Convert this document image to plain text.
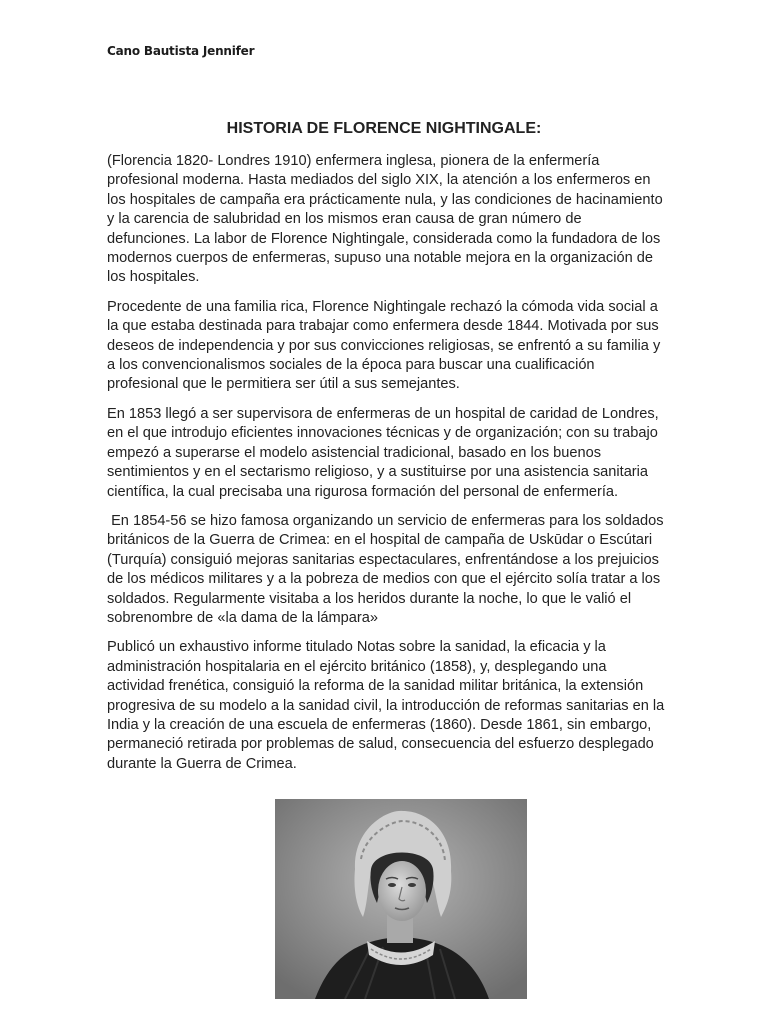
Cano Bautista Jennifer
HISTORIA DE FLORENCE NIGHTINGALE:

(Florencia 1820- Londres 1910) enfermera inglesa, pionera de la enfermería profesional moderna. Hasta mediados del siglo XIX, la atención a los enfermeros en los hospitales de campaña era prácticamente nula, y las condiciones de hacinamiento y la carencia de salubridad en los mismos eran causa de gran número de defunciones. La labor de Florence Nightingale, considerada como la fundadora de los modernos cuerpos de enfermeras, supuso una notable mejora en la organización de los hospitales.

Procedente de una familia rica, Florence Nightingale rechazó la cómoda vida social a la que estaba destinada para trabajar como enfermera desde 1844. Motivada por sus deseos de independencia y por sus convicciones religiosas, se enfrentó a su familia y a los convencionalismos sociales de la época para buscar una cualificación profesional que le permitiera ser útil a sus semejantes.

En 1853 llegó a ser supervisora de enfermeras de un hospital de caridad de Londres, en el que introdujo eficientes innovaciones técnicas y de organización; con su trabajo empezó a superarse el modelo asistencial tradicional, basado en los buenos sentimientos y en el sectarismo religioso, y a sustituirse por una asistencia sanitaria científica, la cual precisaba una rigurosa formación del personal de enfermería.

En 1854-56 se hizo famosa organizando un servicio de enfermeras para los soldados británicos de la Guerra de Crimea: en el hospital de campaña de Uskūdar o Escútari (Turquía) consiguió mejoras sanitarias espectaculares, enfrentándose a los prejuicios de los médicos militares y a la pobreza de medios con que el ejército solía tratar a los soldados. Regularmente visitaba a los heridos durante la noche, lo que le valió el sobrenombre de «la dama de la lámpara»

Publicó un exhaustivo informe titulado Notas sobre la sanidad, la eficacia y la administración hospitalaria en el ejército británico (1858), y, desplegando una actividad frenética, consiguió la reforma de la sanidad militar británica, la extensión progresiva de su modelo a la sanidad civil, la introducción de reformas sanitarias en la India y la creación de una escuela de enfermeras (1860). Desde 1861, sin embargo, permaneció retirada por problemas de salud, consecuencia del esfuerzo desplegado durante la Guerra de Crimea.
